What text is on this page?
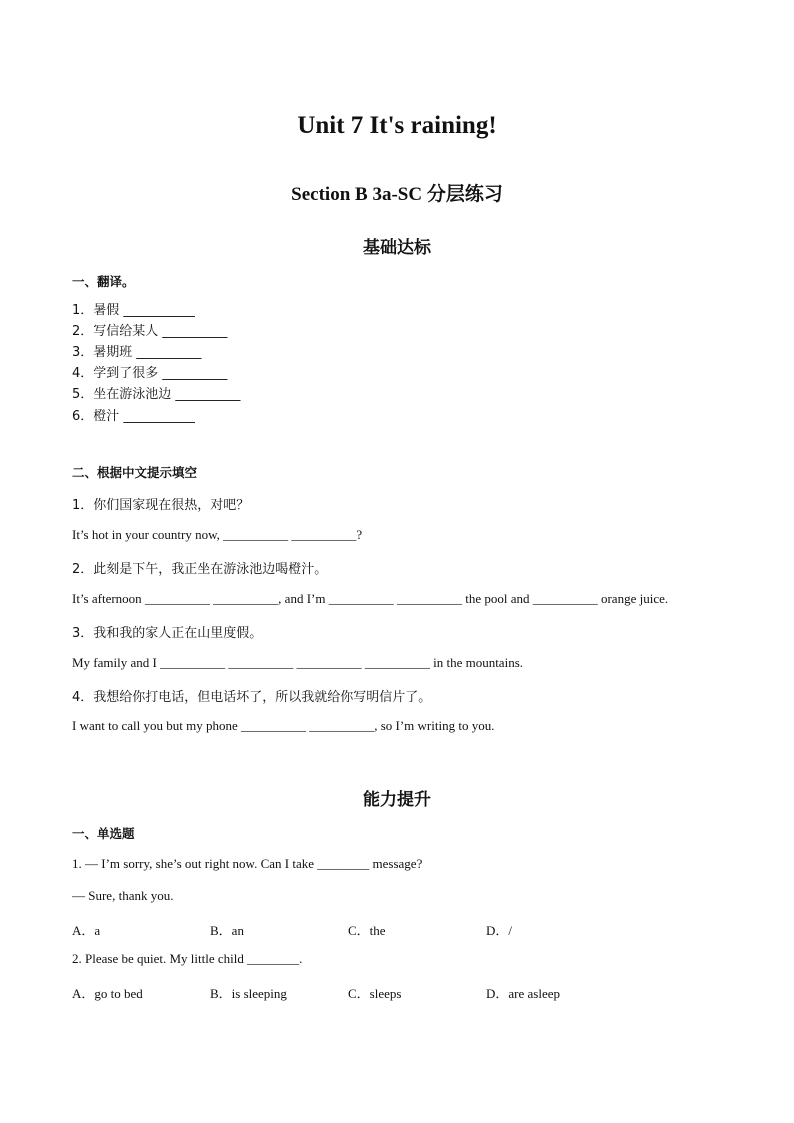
Unit 7 It's raining!
Section B 3a-SC 分层练习
基础达标
一、翻译。
1．暑假 ___________
2．写信给某人 __________
3．暑期班 __________
4．学到了很多 __________
5．坐在游泳池边 __________
6．橙汁 ___________
二、根据中文提示填空
1．你们国家现在很热，对吧？
It’s hot in your country now, __________ __________?
2．此刻是下午，我正坐在游泳池边喝橙汁。
It’s afternoon __________ __________, and I’m __________ __________ the pool and __________ orange juice.
3．我和我的家人正在山里度假。
My family and I __________ __________ __________ __________ in the mountains.
4．我想给你打电话，但电话坏了，所以我就给你写明信片了。
I want to call you but my phone __________ __________, so I’m writing to you.
能力提升
一、单选题
1. — I’m sorry, she’s out right now. Can I take ________ message?
— Sure, thank you.
A．a	B．an	C．the	D．/
2. Please be quiet. My little child ________.
A．go to bed	B．is sleeping	C．sleeps	D．are asleep
